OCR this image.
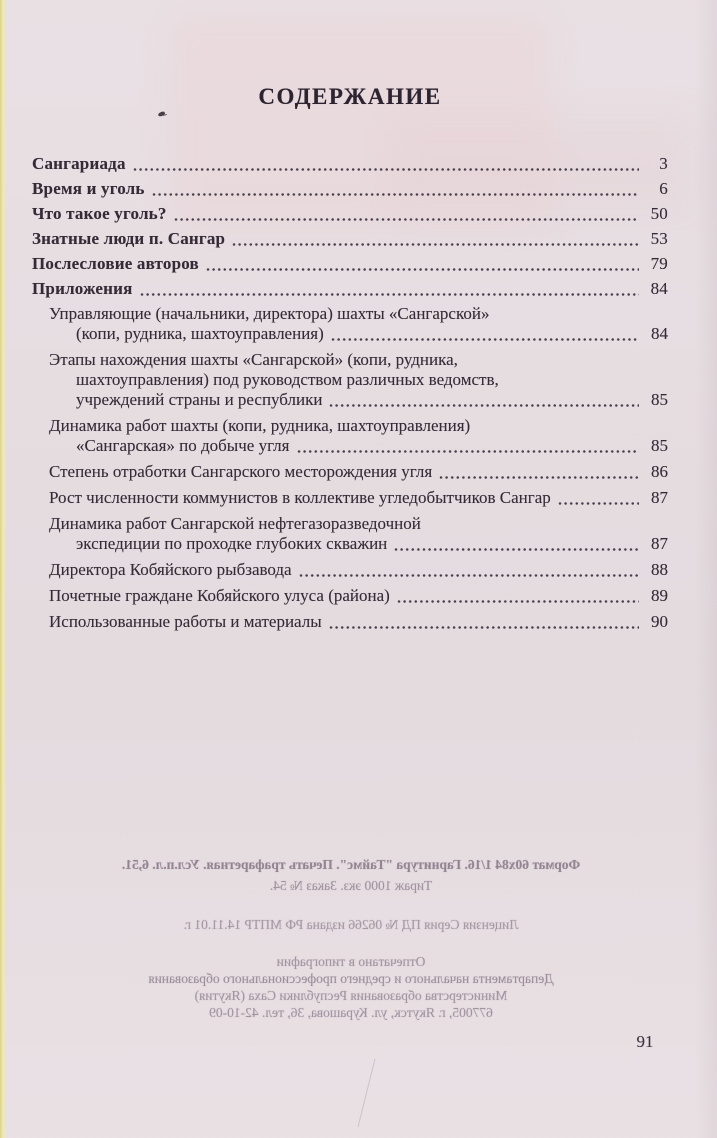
СОДЕРЖАНИЕ
Сангариада	3
Время и уголь	6
Что такое уголь?	50
Знатные люди п. Сангар	53
Послесловие авторов	79
Приложения	84
Управляющие (начальники, директора) шахты «Сангарской»
(копи, рудника, шахтоуправления)	84
Этапы нахождения шахты «Сангарской» (копи, рудника,
шахтоуправления) под руководством различных ведомств,
учреждений страны и республики	85
Динамика работ шахты (копи, рудника, шахтоуправления)
«Сангарская» по добыче угля	85
Степень отработки Сангарского месторождения угля	86
Рост численности коммунистов в коллективе угледобытчиков Сангар	87
Динамика работ Сангарской нефтегазоразведочной
экспедиции по проходке глубоких скважин	87
Директора Кобяйского рыбзавода	88
Почетные граждане Кобяйского улуса (района)	89
Использованные работы и материалы	90

Формат 60х84 1/16. Гарнитура "Таймс". Печать трафаретная. Усл.п.л. 6,51.

Тираж 1000 экз. Заказ № 54.

Лицензия Серия ПД № 06266 издана РФ МПТР 14.11.01 г.

Отпечатано в типографии

Департамента начального и среднего профессионального образования

Министерства образования Республики Саха (Якутия)

677005, г. Якутск, ул. Курашова, 36, тел. 42-10-09

91
